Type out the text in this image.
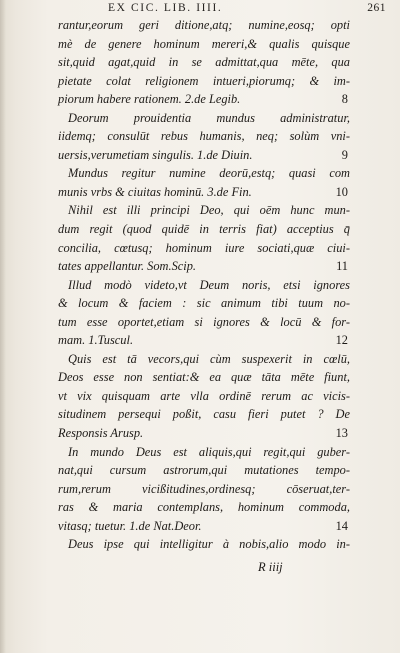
EX CIC. LIB. IIII.	261
rantur,eorum geri ditione,atq; numine,eosq; opti
mè de genere hominum mereri,& qualis quisque
sit,quid agat,quid in se admittat,qua mēte, qua
pietate colat religionem intueri,piorumq; & im-
8
piorum habere rationem. 2.de Legib.
Deorum prouidentia mundus administratur,
iidemq; consulūt rebus humanis, neq; solùm vni-
9
uersis,verumetiam singulis. 1.de Diuin.
Mundus regitur numine deorū,estq; quasi com
10
munis vrbs & ciuitas hominū. 3.de Fin.
Nihil est illi principi Deo, qui oēm hunc mun-
dum regit (quod quidē in terris fiat) acceptius q̄
concilia, cœtusq; hominum iure sociati,quæ ciui-
11
tates appellantur. Som.Scip.
Illud modò videto,vt Deum noris, etsi ignores
& locum & faciem : sic animum tibi tuum no-
tum esse oportet,etiam si ignores & locū & for-
12
mam. 1.Tuscul.
Quis est tā vecors,qui cùm suspexerit in cœlū,
Deos esse non sentiat:& ea quæ tāta mēte fiunt,
vt vix quisquam arte vlla ordinē rerum ac vicis-
situdinem persequi poßit, casu fieri putet ? De
13
Responsis Arusp.
In mundo Deus est aliquis,qui regit,qui guber-
nat,qui cursum astrorum,qui mutationes tempo-
rum,rerum vicißitudines,ordinesq; cōseruat,ter-
ras & maria contemplans, hominum commoda,
14
vitasq; tuetur. 1.de Nat.Deor.
Deus ipse qui intelligitur à nobis,alio modo in-
R iiij
